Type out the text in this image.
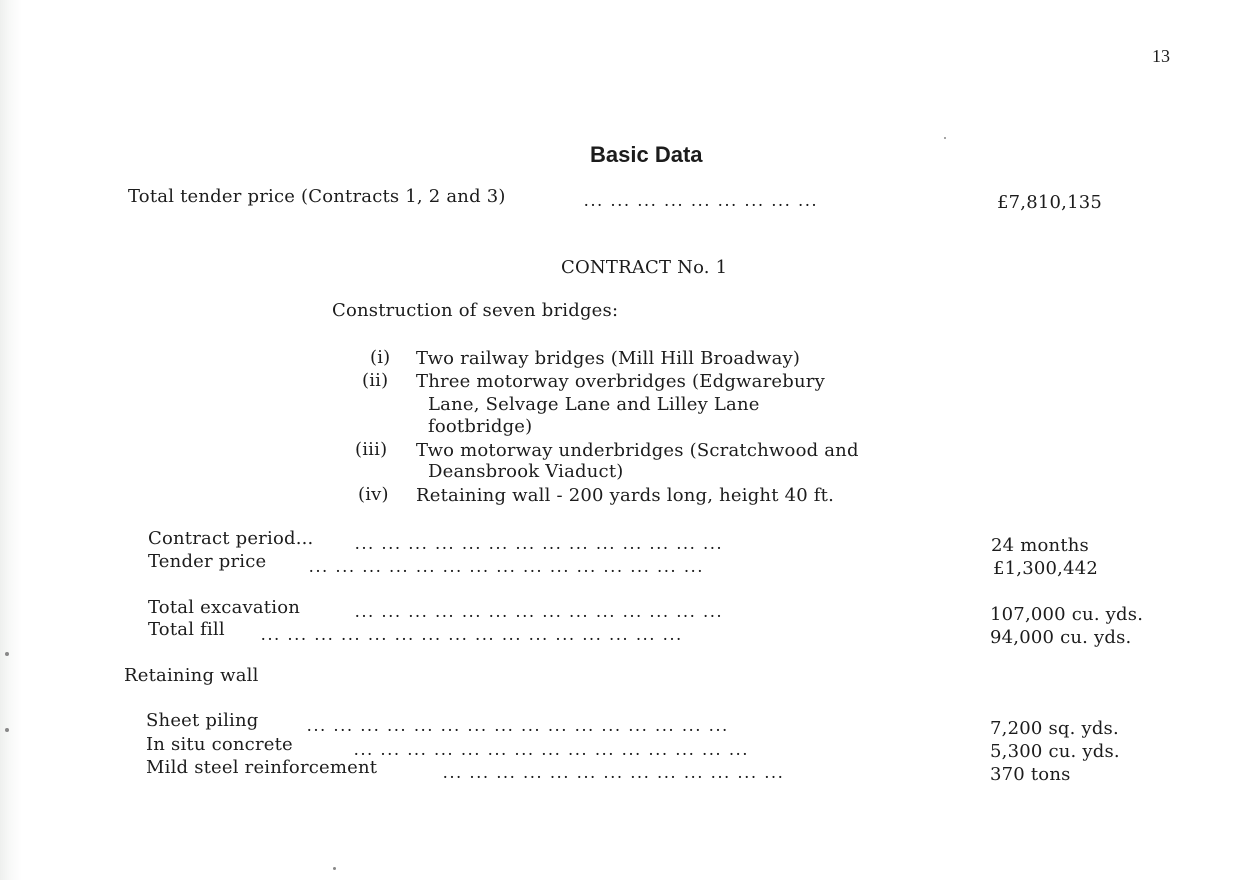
13
Basic Data
Total tender price (Contracts 1, 2 and 3)	... ... ... ... ... ... ... ... ...	£7,810,135
CONTRACT No. 1
Construction of seven bridges:
(i) Two railway bridges (Mill Hill Broadway)
(ii) Three motorway overbridges (Edgwarebury
Lane, Selvage Lane and Lilley Lane
footbridge)
(iii) Two motorway underbridges (Scratchwood and
Deansbrook Viaduct)
(iv) Retaining wall - 200 yards long, height 40 ft.
Contract period... ... ... ... ... ... ... ... ... ... ... ... ... ... ...	24 months
Tender price ... ... ... ... ... ... ... ... ... ... ... ... ... ... ...	£1,300,442
Total excavation	... ... ... ... ... ... ... ... ... ... ... ... ... ...	107,000 cu. yds.
Total fill ... ... ... ... ... ... ... ... ... ... ... ... ... ... ... ...	94,000 cu. yds.
Retaining wall
Sheet piling	... ... ... ... ... ... ... ... ... ... ... ... ... ... ... ...	7,200 sq. yds.
In situ concrete	... ... ... ... ... ... ... ... ... ... ... ... ... ... ...	5,300 cu. yds.
Mild steel reinforcement	... ... ... ... ... ... ... ... ... ... ... ... ...	370 tons
